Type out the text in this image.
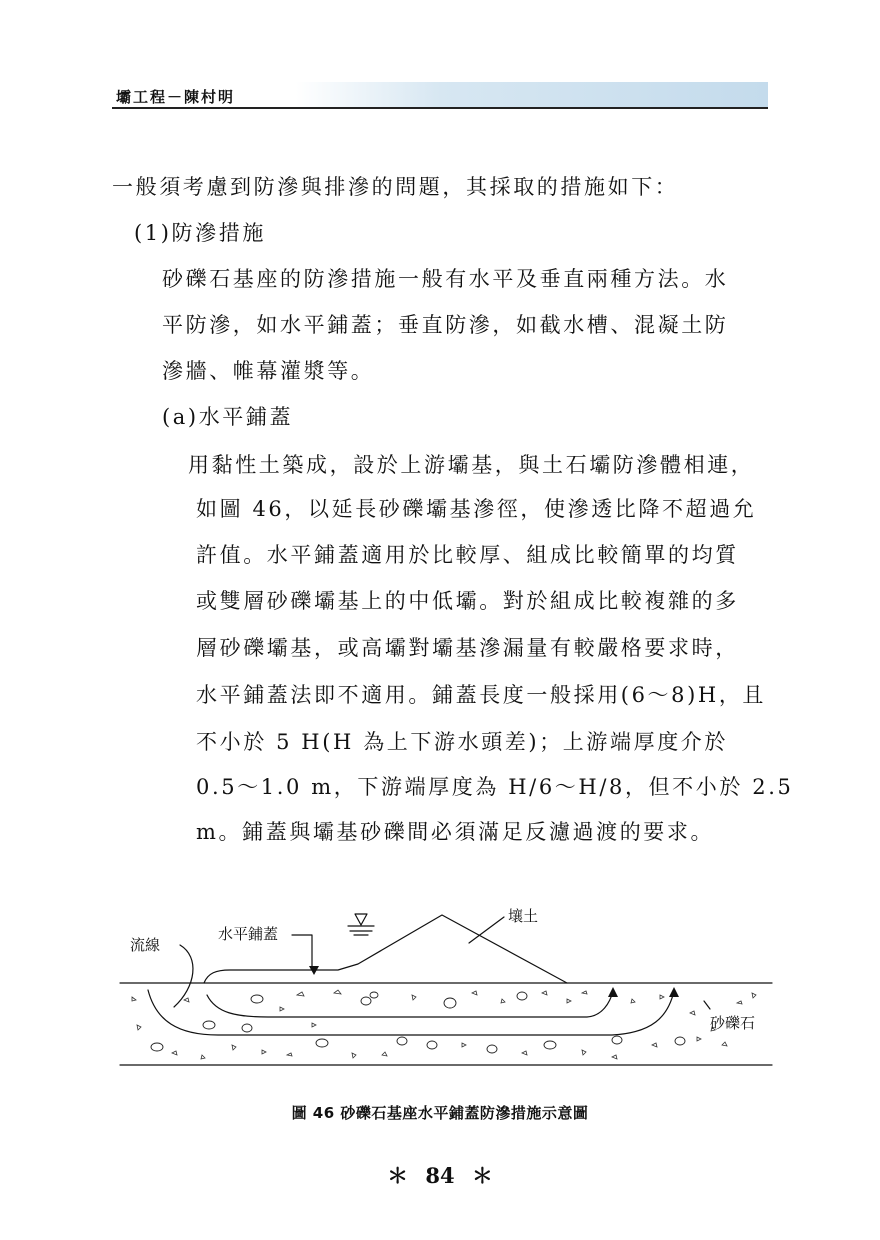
壩工程－陳村明
一般須考慮到防滲與排滲的問題，其採取的措施如下：
(1)防滲措施
砂礫石基座的防滲措施一般有水平及垂直兩種方法。水
平防滲，如水平鋪蓋；垂直防滲，如截水槽、混凝土防
滲牆、帷幕灌漿等。
(a)水平鋪蓋
用黏性土築成，設於上游壩基，與土石壩防滲體相連，
如圖 46，以延長砂礫壩基滲徑，使滲透比降不超過允
許值。水平鋪蓋適用於比較厚、組成比較簡單的均質
或雙層砂礫壩基上的中低壩。對於組成比較複雜的多
層砂礫壩基，或高壩對壩基滲漏量有較嚴格要求時，
水平鋪蓋法即不適用。鋪蓋長度一般採用(6～8)H，且
不小於 5 H(H 為上下游水頭差)；上游端厚度介於
0.5～1.0 m，下游端厚度為 H/6～H/8，但不小於 2.5
m。鋪蓋與壩基砂礫間必須滿足反濾過渡的要求。
水平鋪蓋
流線
壤土
砂礫石
圖 46 砂礫石基座水平鋪蓋防滲措施示意圖
＊ 84 ＊
